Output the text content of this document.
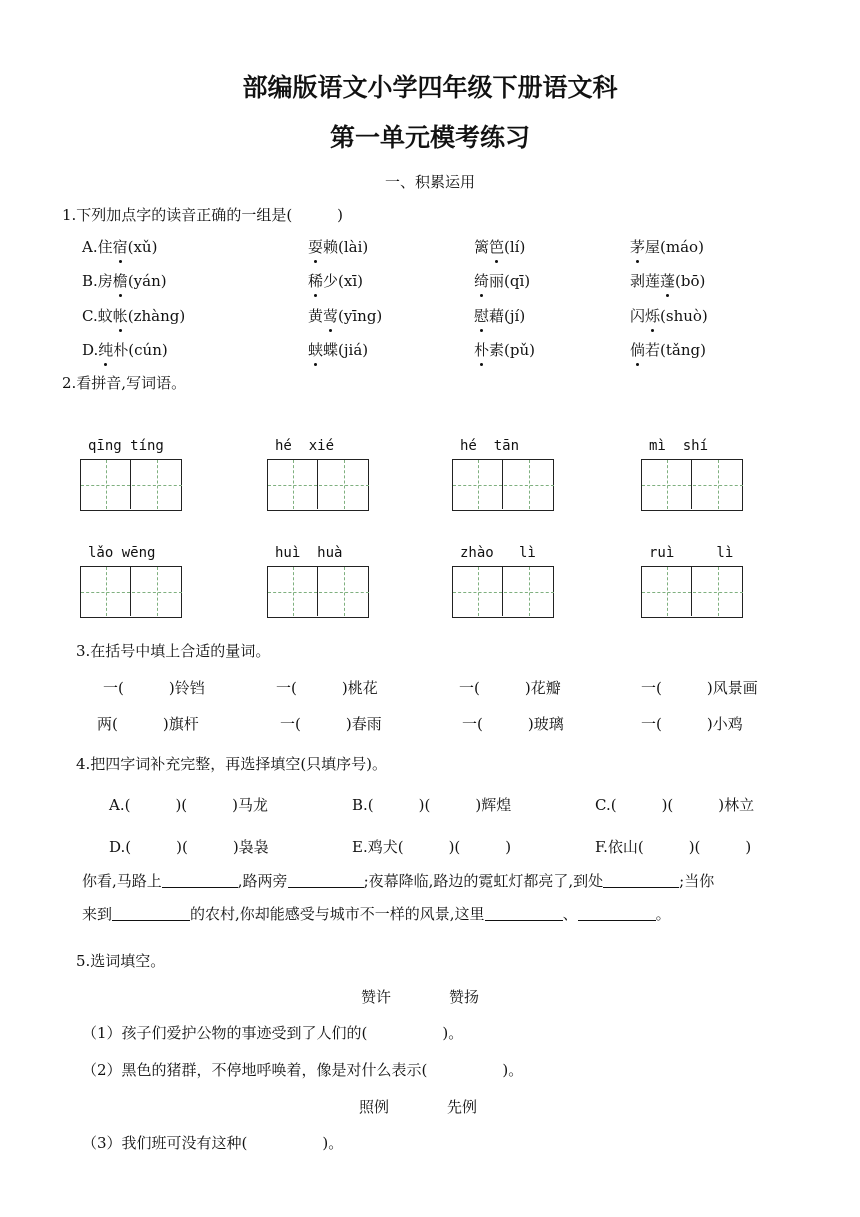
部编版语文小学四年级下册语文科
第一单元模考练习
一、积累运用
1.下列加点字的读音正确的一组是(　　　)
A.住宿(xǔ)	耍赖(lài)	篱笆(lí)	茅屋(máo)
B.房檐(yán)	稀少(xī)	绮丽(qī)	剥莲蓬(bō)
C.蚊帐(zhàng)	黄莺(yīng)	慰藉(jí)	闪烁(shuò)
D.纯朴(cún)	蛱蝶(jiá)	朴素(pǔ)	倘若(tǎng)
2.看拼音,写词语。
qīng tíng	hé  xié	hé  tān	mì  shí
lǎo wēng	huì  huà	zhào   lì	ruì     lì
3.在括号中填上合适的量词。
一(　　　)铃铛	一(　　　)桃花	一(　　　)花瓣	一(　　　)风景画
两(　　　)旗杆	一(　　　)春雨	一(　　　)玻璃	一(　　　)小鸡
4.把四字词补充完整，再选择填空(只填序号)。
A.(　　　)(　　　)马龙	B.(　　　)(　　　)辉煌	C.(　　　)(　　　)林立
D.(　　　)(　　　)袅袅	E.鸡犬(　　　)(　　　)	F.依山(　　　)(　　　)
你看,马路上	,路两旁	;夜幕降临,路边的霓虹灯都亮了,到处	;当你
来到	的农村,你却能感受与城市不一样的风景,这里	、	。
5.选词填空。
赞许	赞扬
（1）孩子们爱护公物的事迹受到了人们的(　　　　　)。
（2）黑色的猪群，不停地呼唤着，像是对什么表示(　　　　　)。
照例	先例
（3）我们班可没有这种(　　　　　)。
